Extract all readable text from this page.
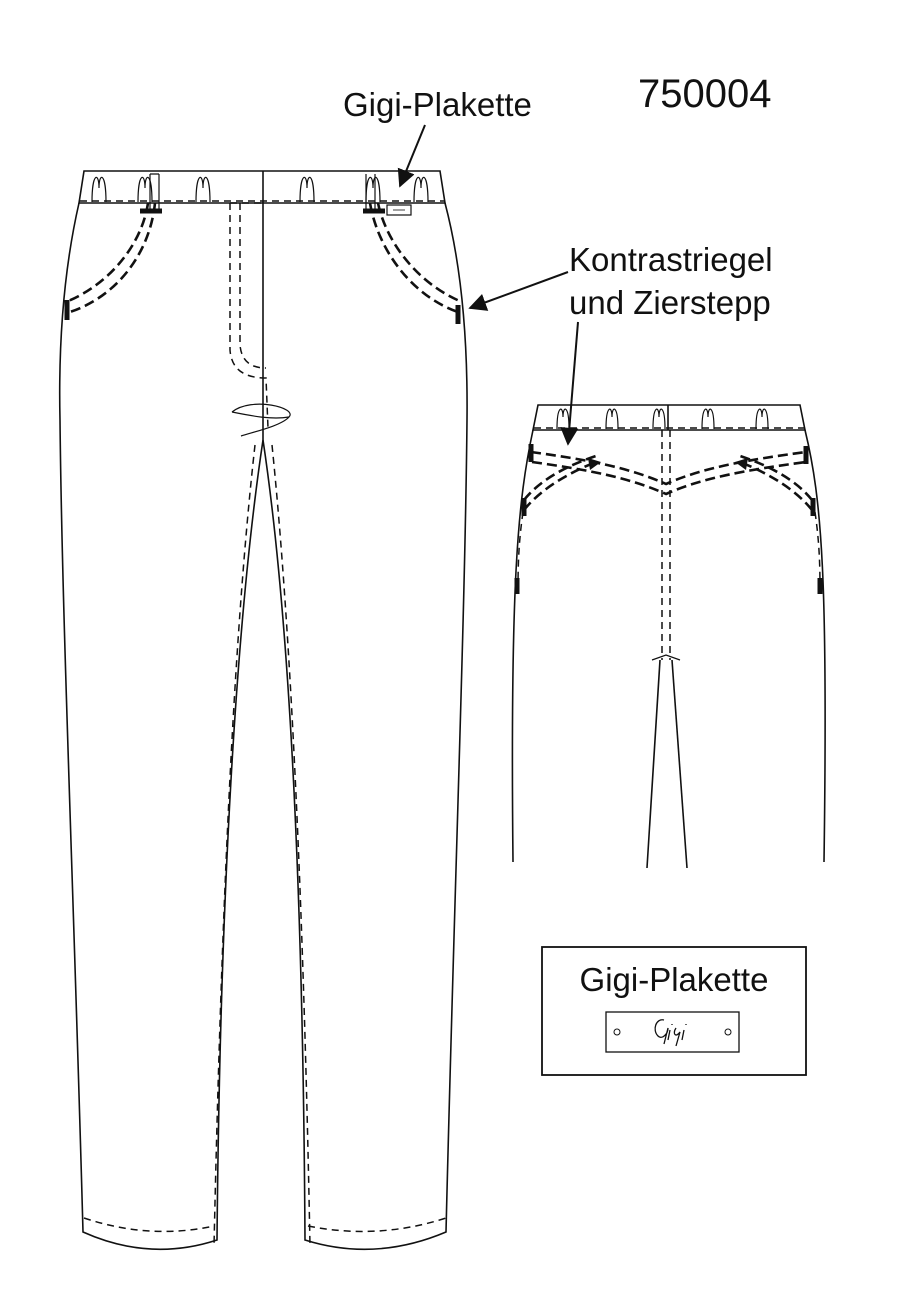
750004
Gigi-Plakette
Kontrastriegel
und Zierstepp
Gigi-Plakette
